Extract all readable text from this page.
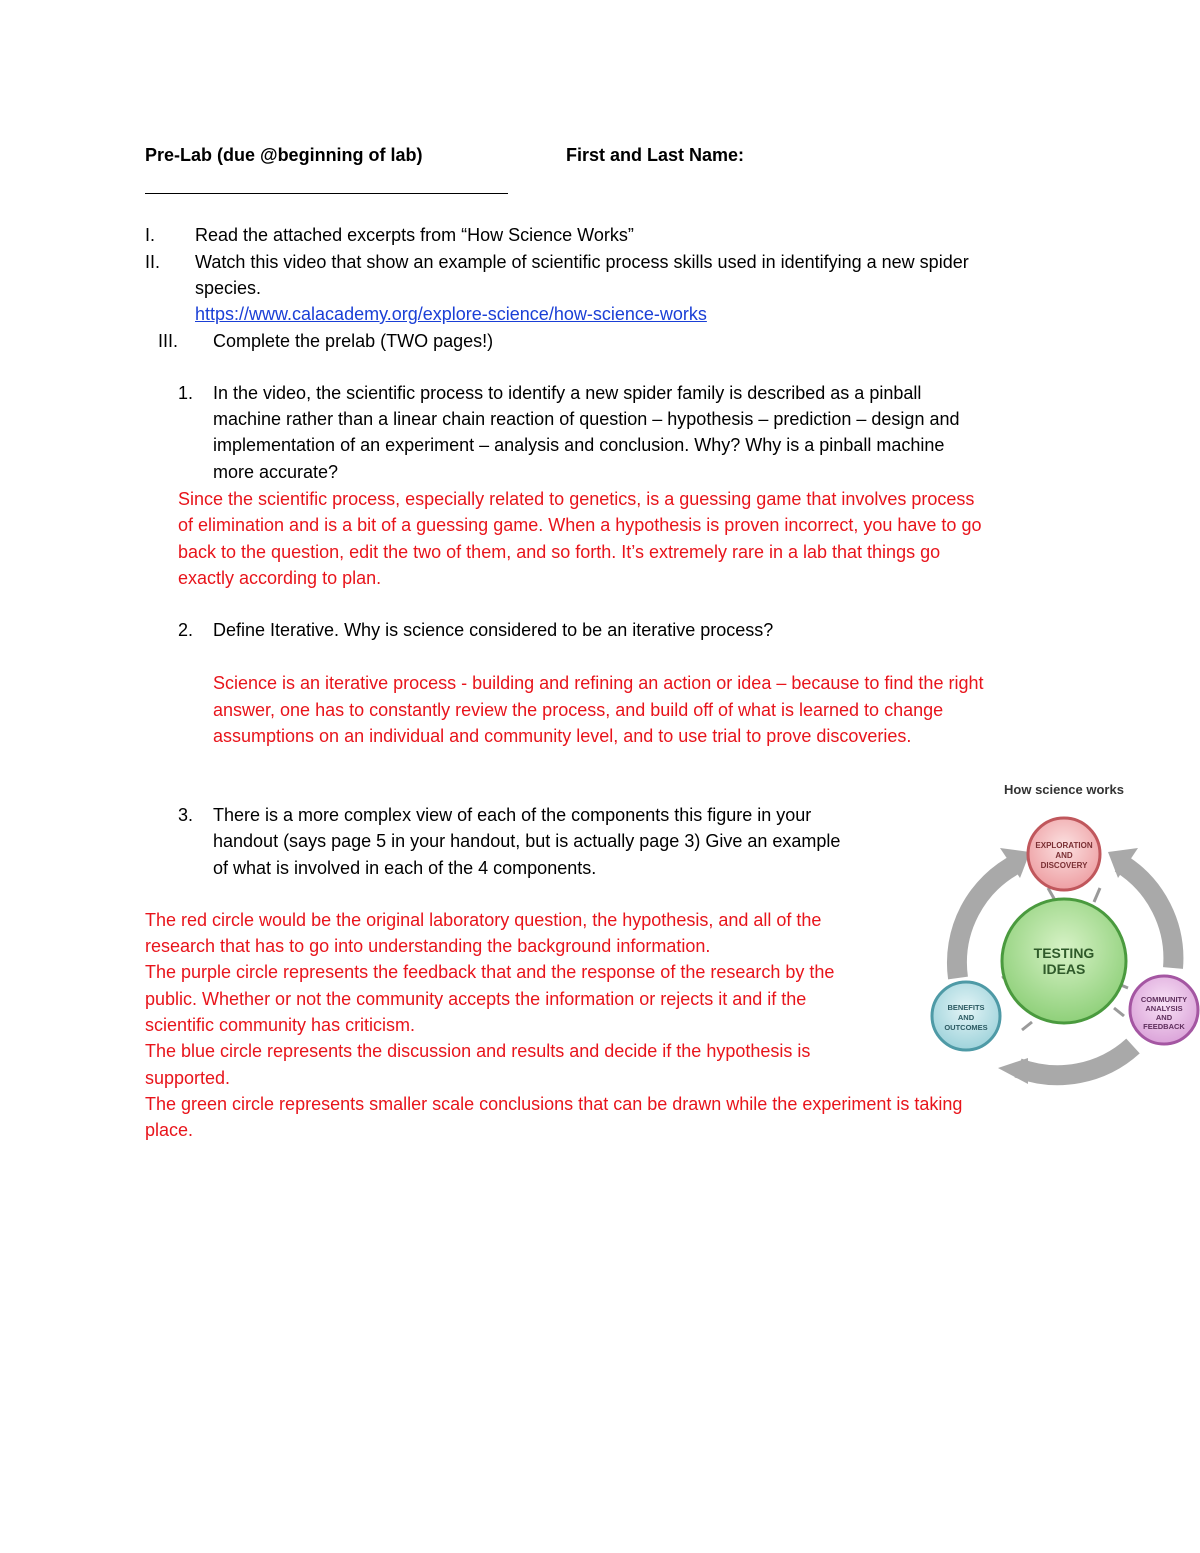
Pre-Lab (due @beginning of lab)	First and Last Name:
I. Read the attached excerpts from “How Science Works”
II. Watch this video that show an example of scientific process skills used in identifying a new spider
species.
https://www.calacademy.org/explore-science/how-science-works
III. Complete the prelab (TWO pages!)
1. In the video, the scientific process to identify a new spider family is described as a pinball
machine rather than a linear chain reaction of question – hypothesis – prediction – design and
implementation of an experiment – analysis and conclusion. Why? Why is a pinball machine
more accurate?
Since the scientific process, especially related to genetics, is a guessing game that involves process
of elimination and is a bit of a guessing game. When a hypothesis is proven incorrect, you have to go
back to the question, edit the two of them, and so forth. It’s extremely rare in a lab that things go
exactly according to plan.
2. Define Iterative. Why is science considered to be an iterative process?
Science is an iterative process - building and refining an action or idea – because to find the right
answer, one has to constantly review the process, and build off of what is learned to change
assumptions on an individual and community level, and to use trial to prove discoveries.
3. There is a more complex view of each of the components this figure in your
handout (says page 5 in your handout, but is actually page 3) Give an example
of what is involved in each of the 4 components.
The red circle would be the original laboratory question, the hypothesis, and all of the
research that has to go into understanding the background information.
The purple circle represents the feedback that and the response of the research by the
public. Whether or not the community accepts the information or rejects it and if the
scientific community has criticism.
The blue circle represents the discussion and results and decide if the hypothesis is
supported.
The green circle represents smaller scale conclusions that can be drawn while the experiment is taking
place.
How science works
EXPLORATION
AND
DISCOVERY
TESTING
IDEAS
COMMUNITY
ANALYSIS
AND
FEEDBACK
BENEFITS
AND
OUTCOMES
